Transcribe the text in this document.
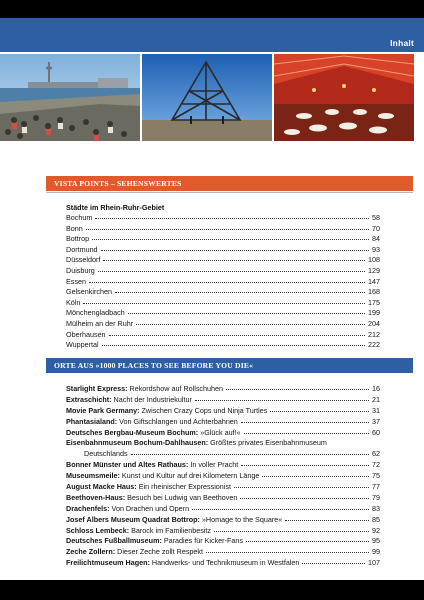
Inhalt
VISTA POINTS – SEHENSWERTES
Städte im Rhein-Ruhr-Gebiet
Bochum	58
Bonn	70
Bottrop	84
Dortmund	93
Düsseldorf	108
Duisburg	129
Essen	147
Gelsenkirchen	168
Köln	175
Mönchengladbach	199
Mülheim an der Ruhr	204
Oberhausen	212
Wuppertal	222
ORTE AUS »1000 PLACES TO SEE BEFORE YOU DIE«
Starlight Express: Rekordshow auf Rollschuhen	16
Extraschicht: Nacht der Industriekultur	21
Movie Park Germany: Zwischen Crazy Cops und Ninja Turtles	31
Phantasialand: Von Giftschlangen und Achterbahnen	37
Deutsches Bergbau-Museum Bochum: »Glück auf!«	60
Eisenbahnmuseum Bochum-Dahlhausen: Größtes privates Eisenbahnmuseum
Deutschlands	62
Bonner Münster und Altes Rathaus: In voller Pracht	72
Museumsmeile: Kunst und Kultur auf drei Kilometern Länge	75
August Macke Haus: Ein rheinischer Expressionist	77
Beethoven-Haus: Besuch bei Ludwig van Beethoven	79
Drachenfels: Von Drachen und Opern	83
Josef Albers Museum Quadrat Bottrop: »Homage to the Square«	85
Schloss Lembeck: Barock im Familienbesitz	92
Deutsches Fußballmuseum: Paradies für Kicker-Fans	95
Zeche Zollern: Dieser Zeche zollt Respekt	99
Freilichtmuseum Hagen: Handwerks- und Technikmuseum in Westfalen	107
